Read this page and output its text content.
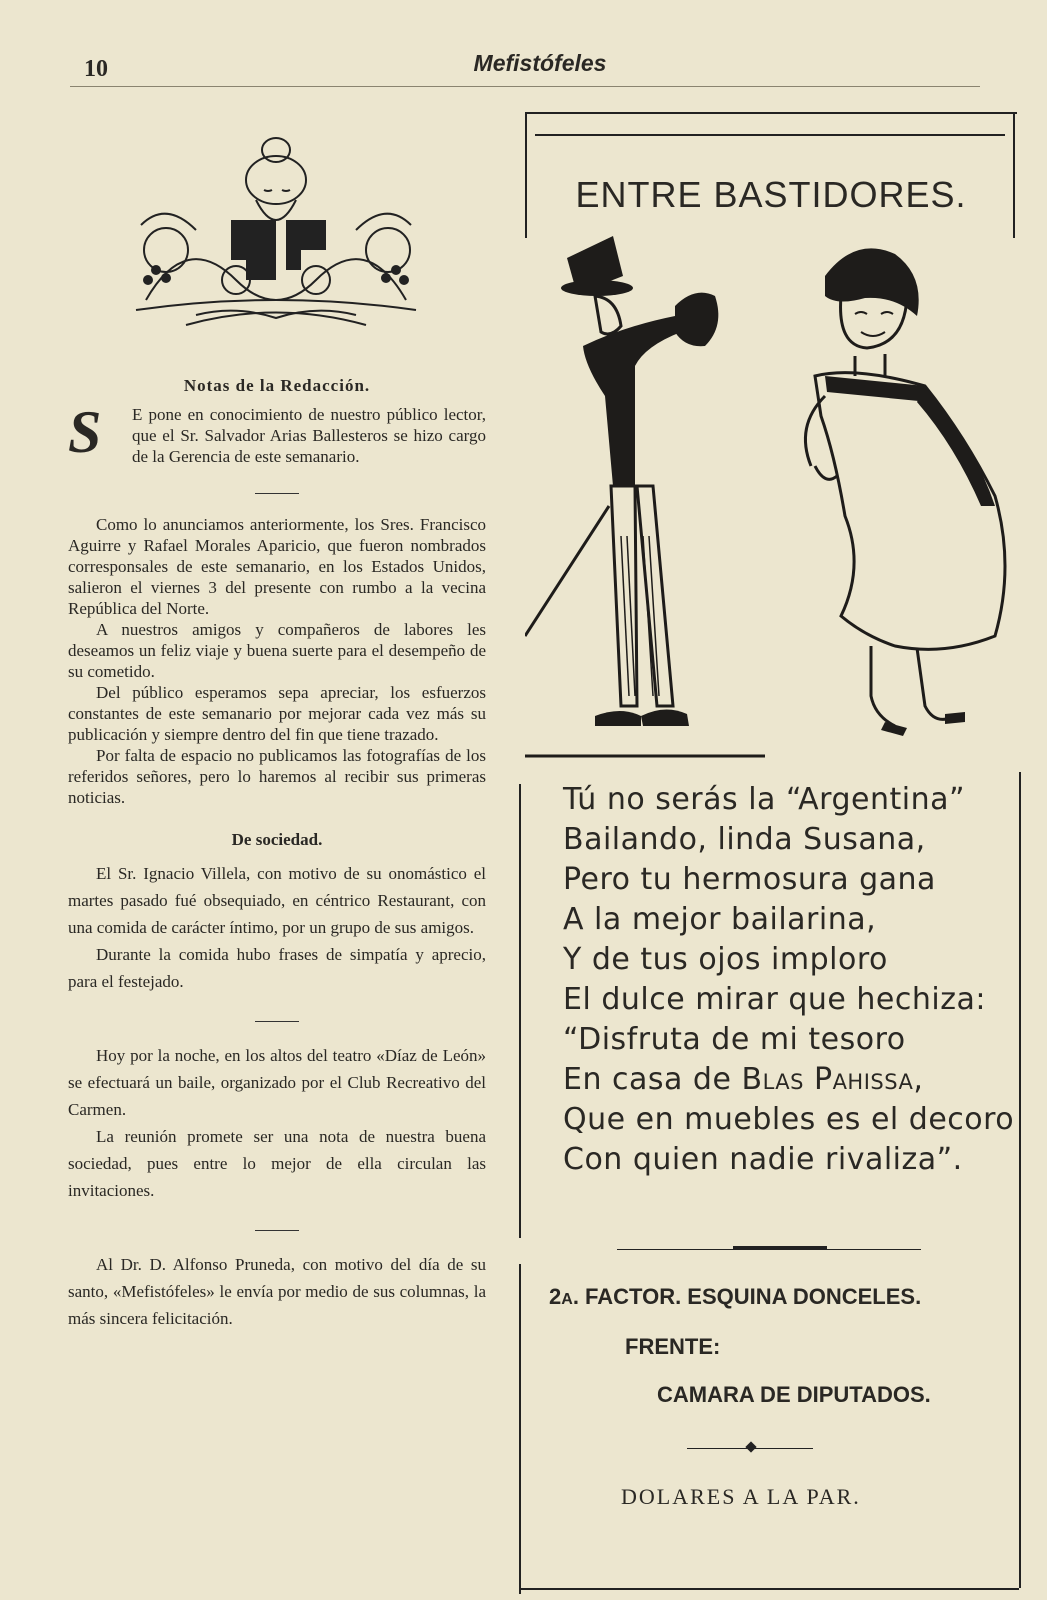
10	Mefistófeles
Notas de la Redacción.
S	E pone en conocimiento de nuestro público lector, que el Sr. Salvador Arias Ballesteros se hizo cargo de la Gerencia de este semanario.

Como lo anunciamos anteriormente, los Sres. Francisco Aguirre y Rafael Morales Aparicio, que fueron nombrados corresponsales de este semanario, en los Estados Unidos, salieron el viernes 3 del presente con rumbo a la vecina República del Norte.

A nuestros amigos y compañeros de labores les deseamos un feliz viaje y buena suerte para el desempeño de su cometido.

Del público esperamos sepa apreciar, los esfuerzos constantes de este semanario por mejorar cada vez más su publicación y siempre dentro del fin que tiene trazado.

Por falta de espacio no publicamos las fotografías de los referidos señores, pero lo haremos al recibir sus primeras noticias.

De sociedad.

El Sr. Ignacio Villela, con motivo de su onomástico el martes pasado fué obsequiado, en céntrico Restaurant, con una comida de carácter íntimo, por un grupo de sus amigos.

Durante la comida hubo frases de simpatía y aprecio, para el festejado.

Hoy por la noche, en los altos del teatro «Díaz de León» se efectuará un baile, organizado por el Club Recreativo del Carmen.

La reunión promete ser una nota de nuestra buena sociedad, pues entre lo mejor de ella circulan las invitaciones.

Al Dr. D. Alfonso Pruneda, con motivo del día de su santo, «Mefistófeles» le envía por medio de sus columnas, la más sincera felicitación.

ENTRE BASTIDORES.
Tú no serás la “Argentina”
Bailando, linda Susana,
Pero tu hermosura gana
A la mejor bailarina,
Y de tus ojos imploro
El dulce mirar que hechiza:
“Disfruta de mi tesoro
En casa de Blas Pahissa,
Que en muebles es el decoro
Con quien nadie rivaliza”.
2A. FACTOR. ESQUINA DONCELES.
FRENTE:
CAMARA DE DIPUTADOS.
DOLARES A LA PAR.
